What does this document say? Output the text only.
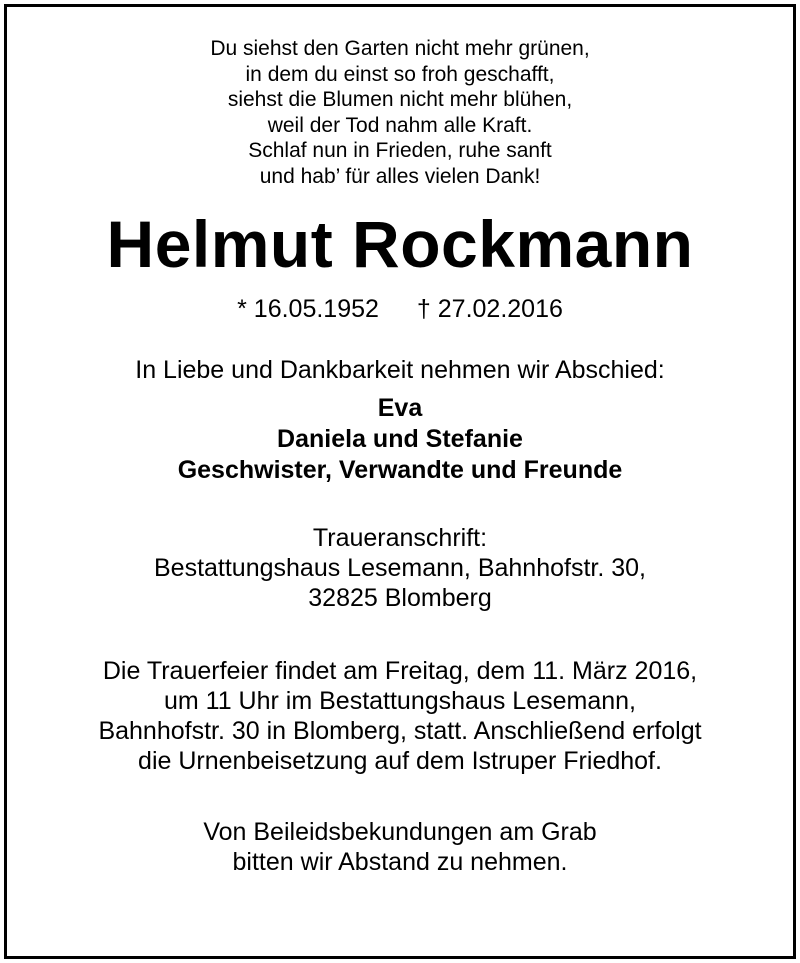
Du siehst den Garten nicht mehr grünen,
in dem du einst so froh geschafft,
siehst die Blumen nicht mehr blühen,
weil der Tod nahm alle Kraft.
Schlaf nun in Frieden, ruhe sanft
und hab’ für alles vielen Dank!
Helmut Rockmann
* 16.05.1952 † 27.02.2016
In Liebe und Dankbarkeit nehmen wir Abschied:
Eva
Daniela und Stefanie
Geschwister, Verwandte und Freunde
Traueranschrift:
Bestattungshaus Lesemann, Bahnhofstr. 30,
32825 Blomberg
Die Trauerfeier findet am Freitag, dem 11. März 2016,
um 11 Uhr im Bestattungshaus Lesemann,
Bahnhofstr. 30 in Blomberg, statt. Anschließend erfolgt
die Urnenbeisetzung auf dem Istruper Friedhof.
Von Beileidsbekundungen am Grab
bitten wir Abstand zu nehmen.
